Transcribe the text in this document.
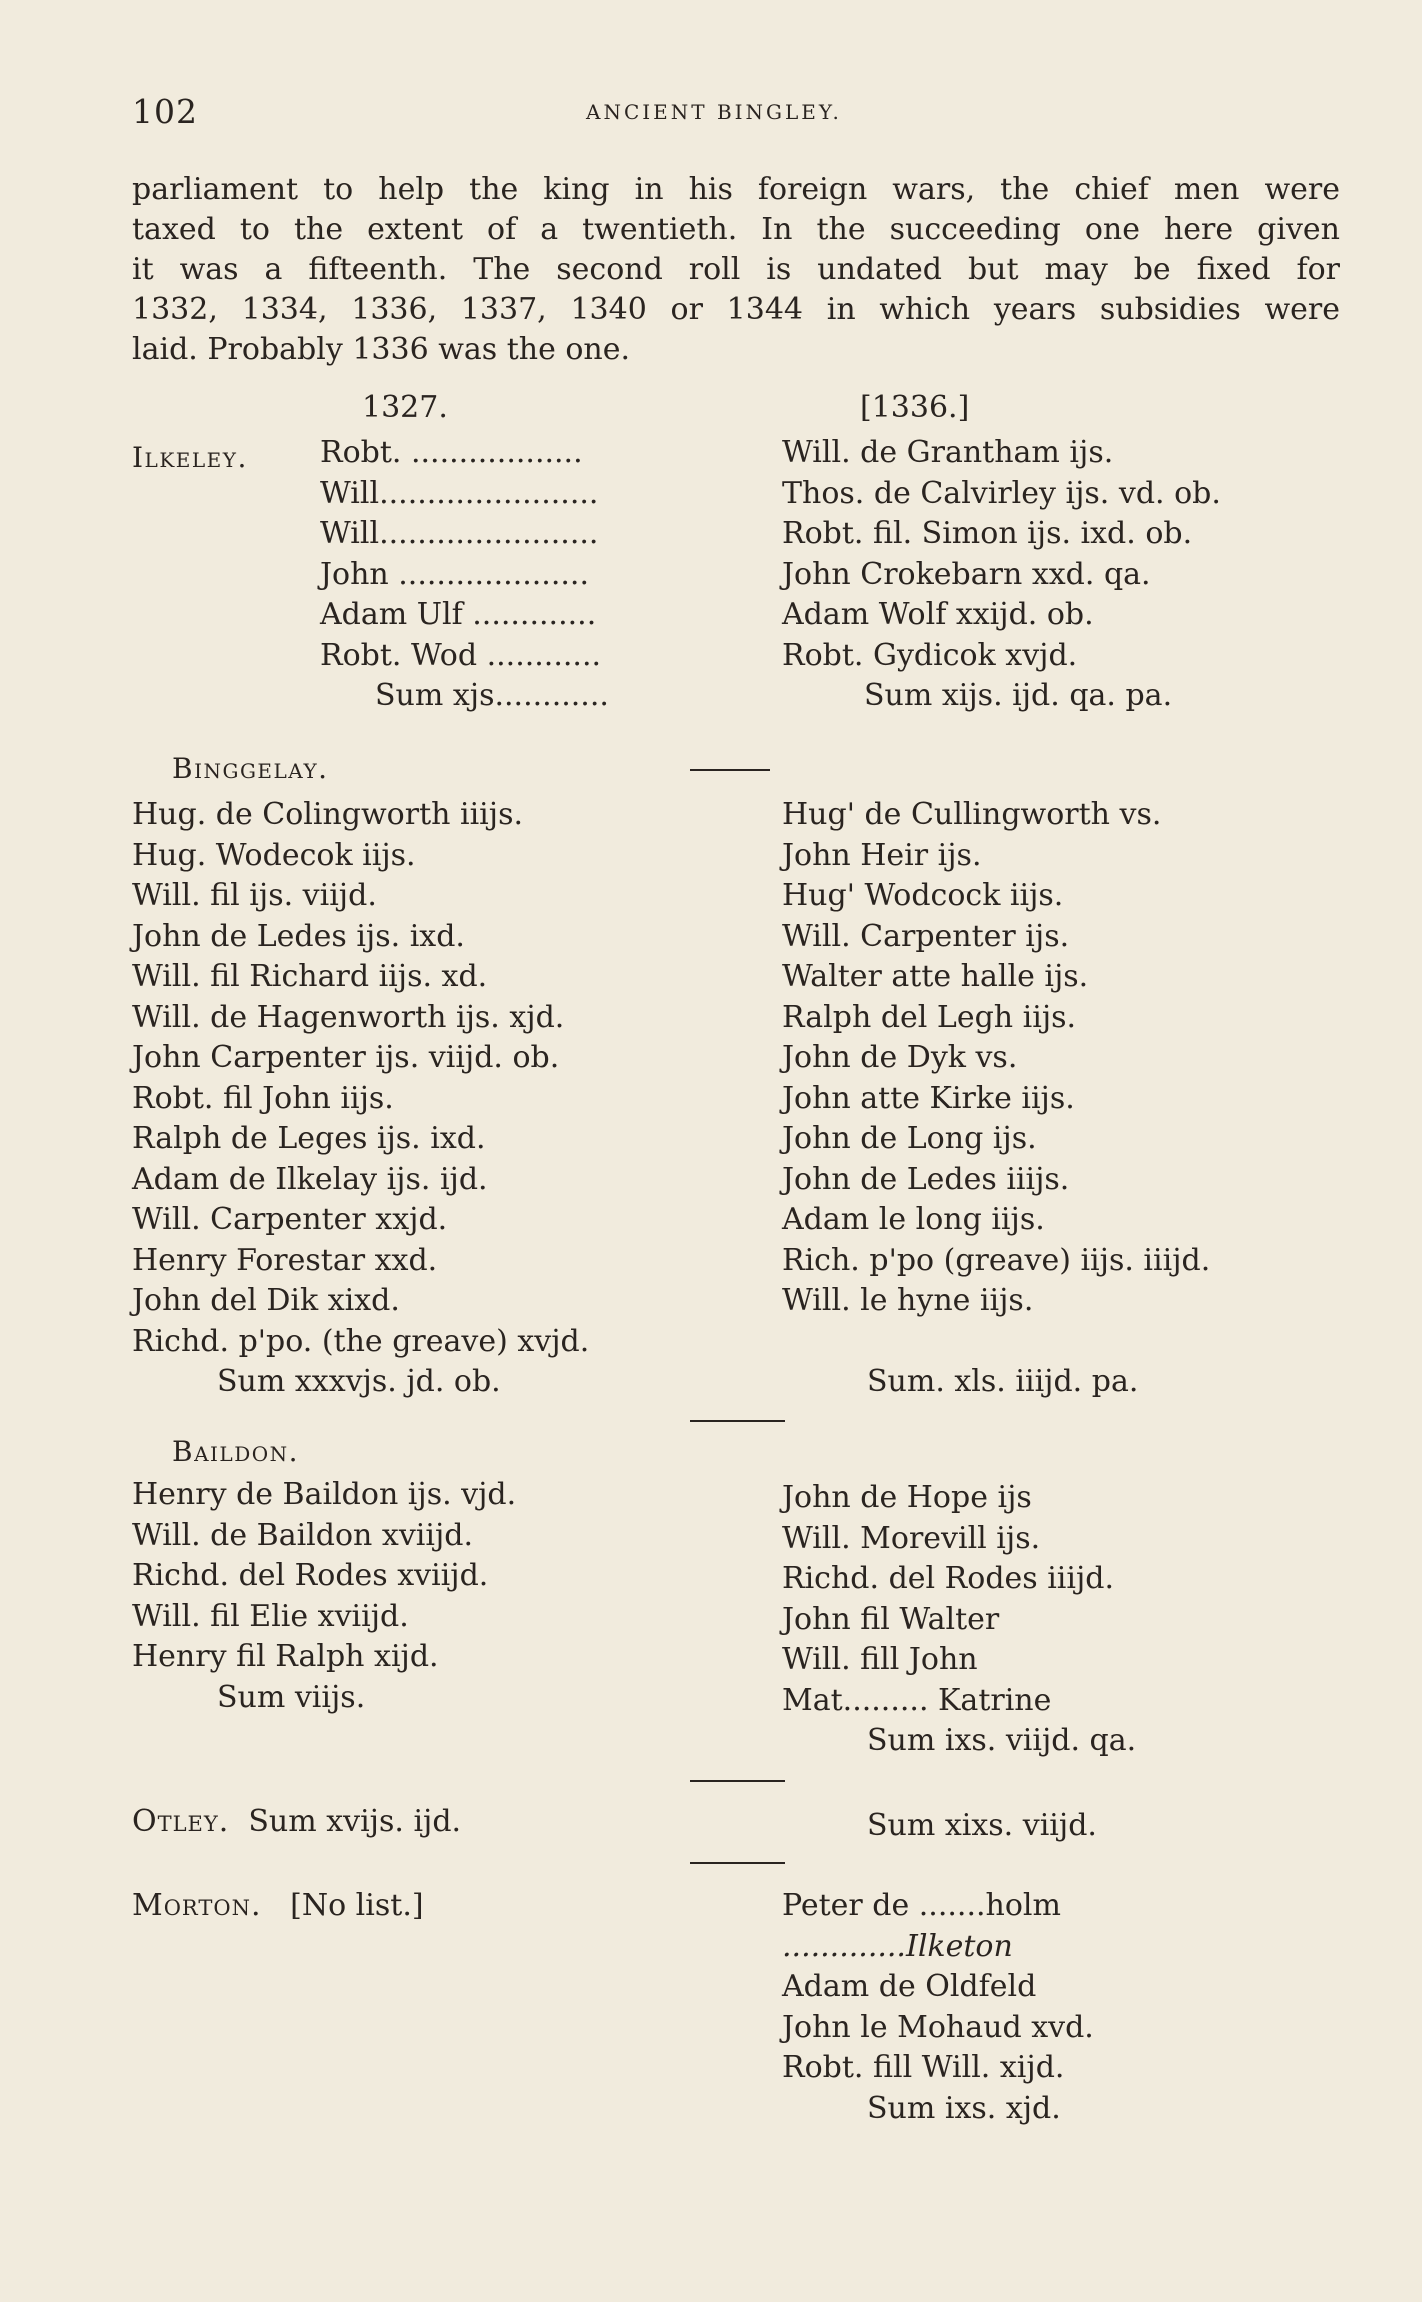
102	ANCIENT BINGLEY.
parliament to help the king in his foreign wars, the chief men were
taxed to the extent of a twentieth. In the succeeding one here given
it was a fifteenth. The second roll is undated but may be fixed for
1332, 1334, 1336, 1337, 1340 or 1344 in which years subsidies were
laid. Probably 1336 was the one.
1327.	[1336.]
Ilkeley. Robt. ..................
Will.......................
Will.......................
John ....................
Adam Ulf .............
Robt. Wod ............
Sum xjs............
Will. de Grantham ijs.
Thos. de Calvirley ijs. vd. ob.
Robt. fil. Simon ijs. ixd. ob.
John Crokebarn xxd. qa.
Adam Wolf xxijd. ob.
Robt. Gydicok xvjd.
Sum xijs. ijd. qa. pa.
Binggelay.
Hug. de Colingworth iiijs.
Hug. Wodecok iijs.
Will. fil ijs. viijd.
John de Ledes ijs. ixd.
Will. fil Richard iijs. xd.
Will. de Hagenworth ijs. xjd.
John Carpenter ijs. viijd. ob.
Robt. fil John iijs.
Ralph de Leges ijs. ixd.
Adam de Ilkelay ijs. ijd.
Will. Carpenter xxjd.
Henry Forestar xxd.
John del Dik xixd.
Richd. p'po. (the greave) xvjd.
Sum xxxvjs. jd. ob.
Hug' de Cullingworth vs.
John Heir ijs.
Hug' Wodcock iijs.
Will. Carpenter ijs.
Walter atte halle ijs.
Ralph del Legh iijs.
John de Dyk vs.
John atte Kirke iijs.
John de Long ijs.
John de Ledes iiijs.
Adam le long iijs.
Rich. p'po (greave) iijs. iiijd.
Will. le hyne iijs.
Sum. xls. iiijd. pa.
Baildon.
Henry de Baildon ijs. vjd.
Will. de Baildon xviijd.
Richd. del Rodes xviijd.
Will. fil Elie xviijd.
Henry fil Ralph xijd.
Sum viijs.
John de Hope ijs
Will. Morevill ijs.
Richd. del Rodes iiijd.
John fil Walter
Will. fill John
Mat......... Katrine
Sum ixs. viijd. qa.
Otley. Sum xvijs. ijd.	Sum xixs. viijd.
Morton. [No list.]	Peter de .......holm
.............Ilketon
Adam de Oldfeld
John le Mohaud xvd.
Robt. fill Will. xijd.
Sum ixs. xjd.
